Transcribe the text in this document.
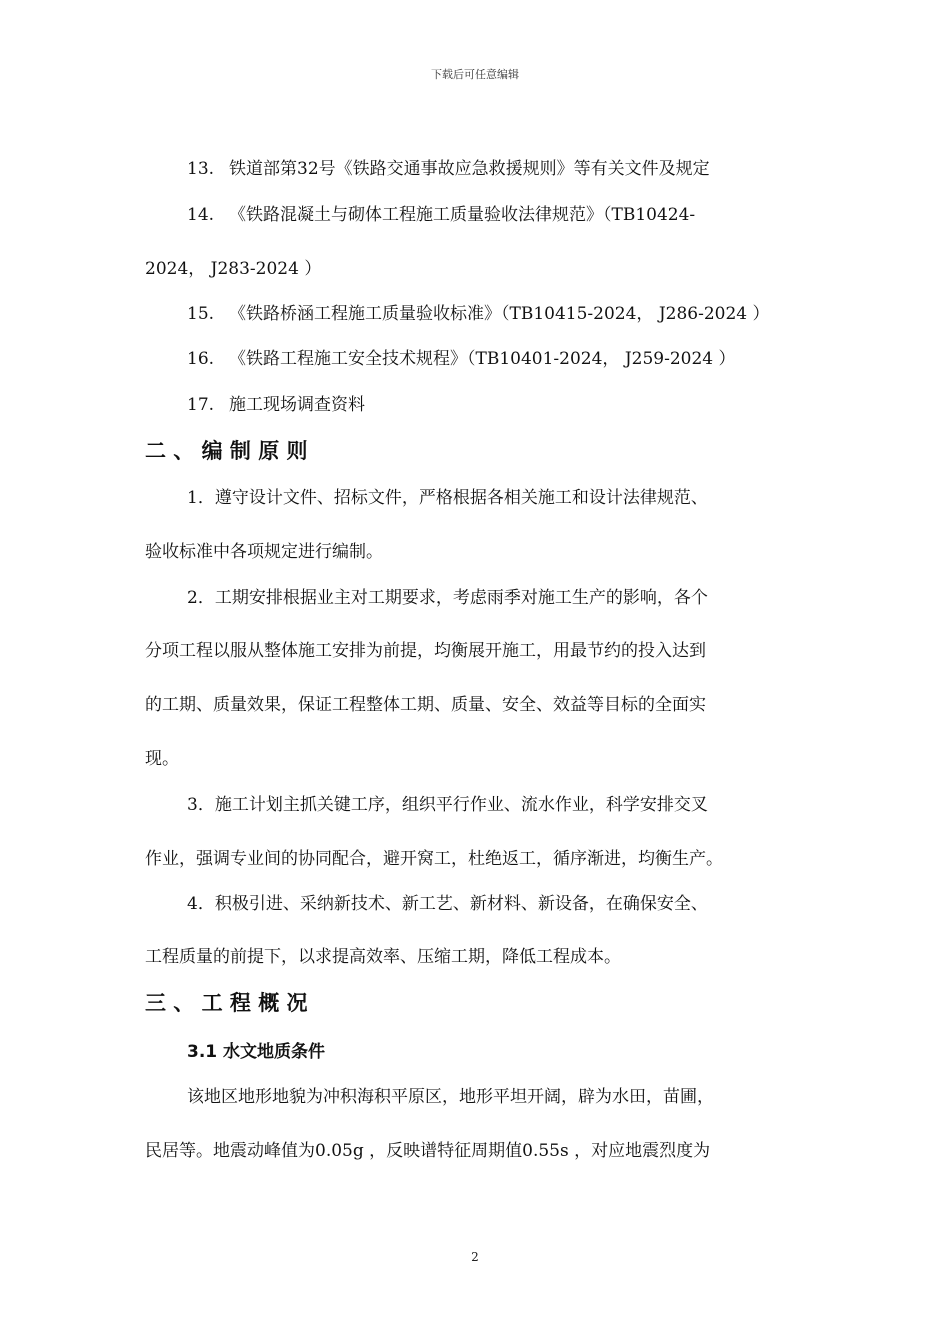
下载后可任意编辑
13. 铁道部第32号《铁路交通事故应急救援规则》等有关文件及规定
14. 《铁路混凝土与砌体工程施工质量验收法律规范》（TB10424-
2024， J283-2024 ）
15. 《铁路桥涵工程施工质量验收标准》（TB10415-2024， J286-2024 ）
16. 《铁路工程施工安全技术规程》（TB10401-2024， J259-2024 ）
17. 施工现场调查资料
二 、 编 制 原 则
1．遵守设计文件、招标文件，严格根据各相关施工和设计法律规范、
验收标准中各项规定进行编制。
2．工期安排根据业主对工期要求，考虑雨季对施工生产的影响，各个
分项工程以服从整体施工安排为前提，均衡展开施工，用最节约的投入达到
的工期、质量效果，保证工程整体工期、质量、安全、效益等目标的全面实
现。
3．施工计划主抓关键工序，组织平行作业、流水作业，科学安排交叉
作业，强调专业间的协同配合，避开窝工，杜绝返工，循序渐进，均衡生产。
4．积极引进、采纳新技术、新工艺、新材料、新设备，在确保安全、
工程质量的前提下，以求提高效率、压缩工期，降低工程成本。
三 、 工 程 概 况
3.1 水文地质条件
该地区地形地貌为冲积海积平原区，地形平坦开阔，辟为水田，苗圃，
民居等。地震动峰值为0.05g ，反映谱特征周期值0.55s ，对应地震烈度为
2
